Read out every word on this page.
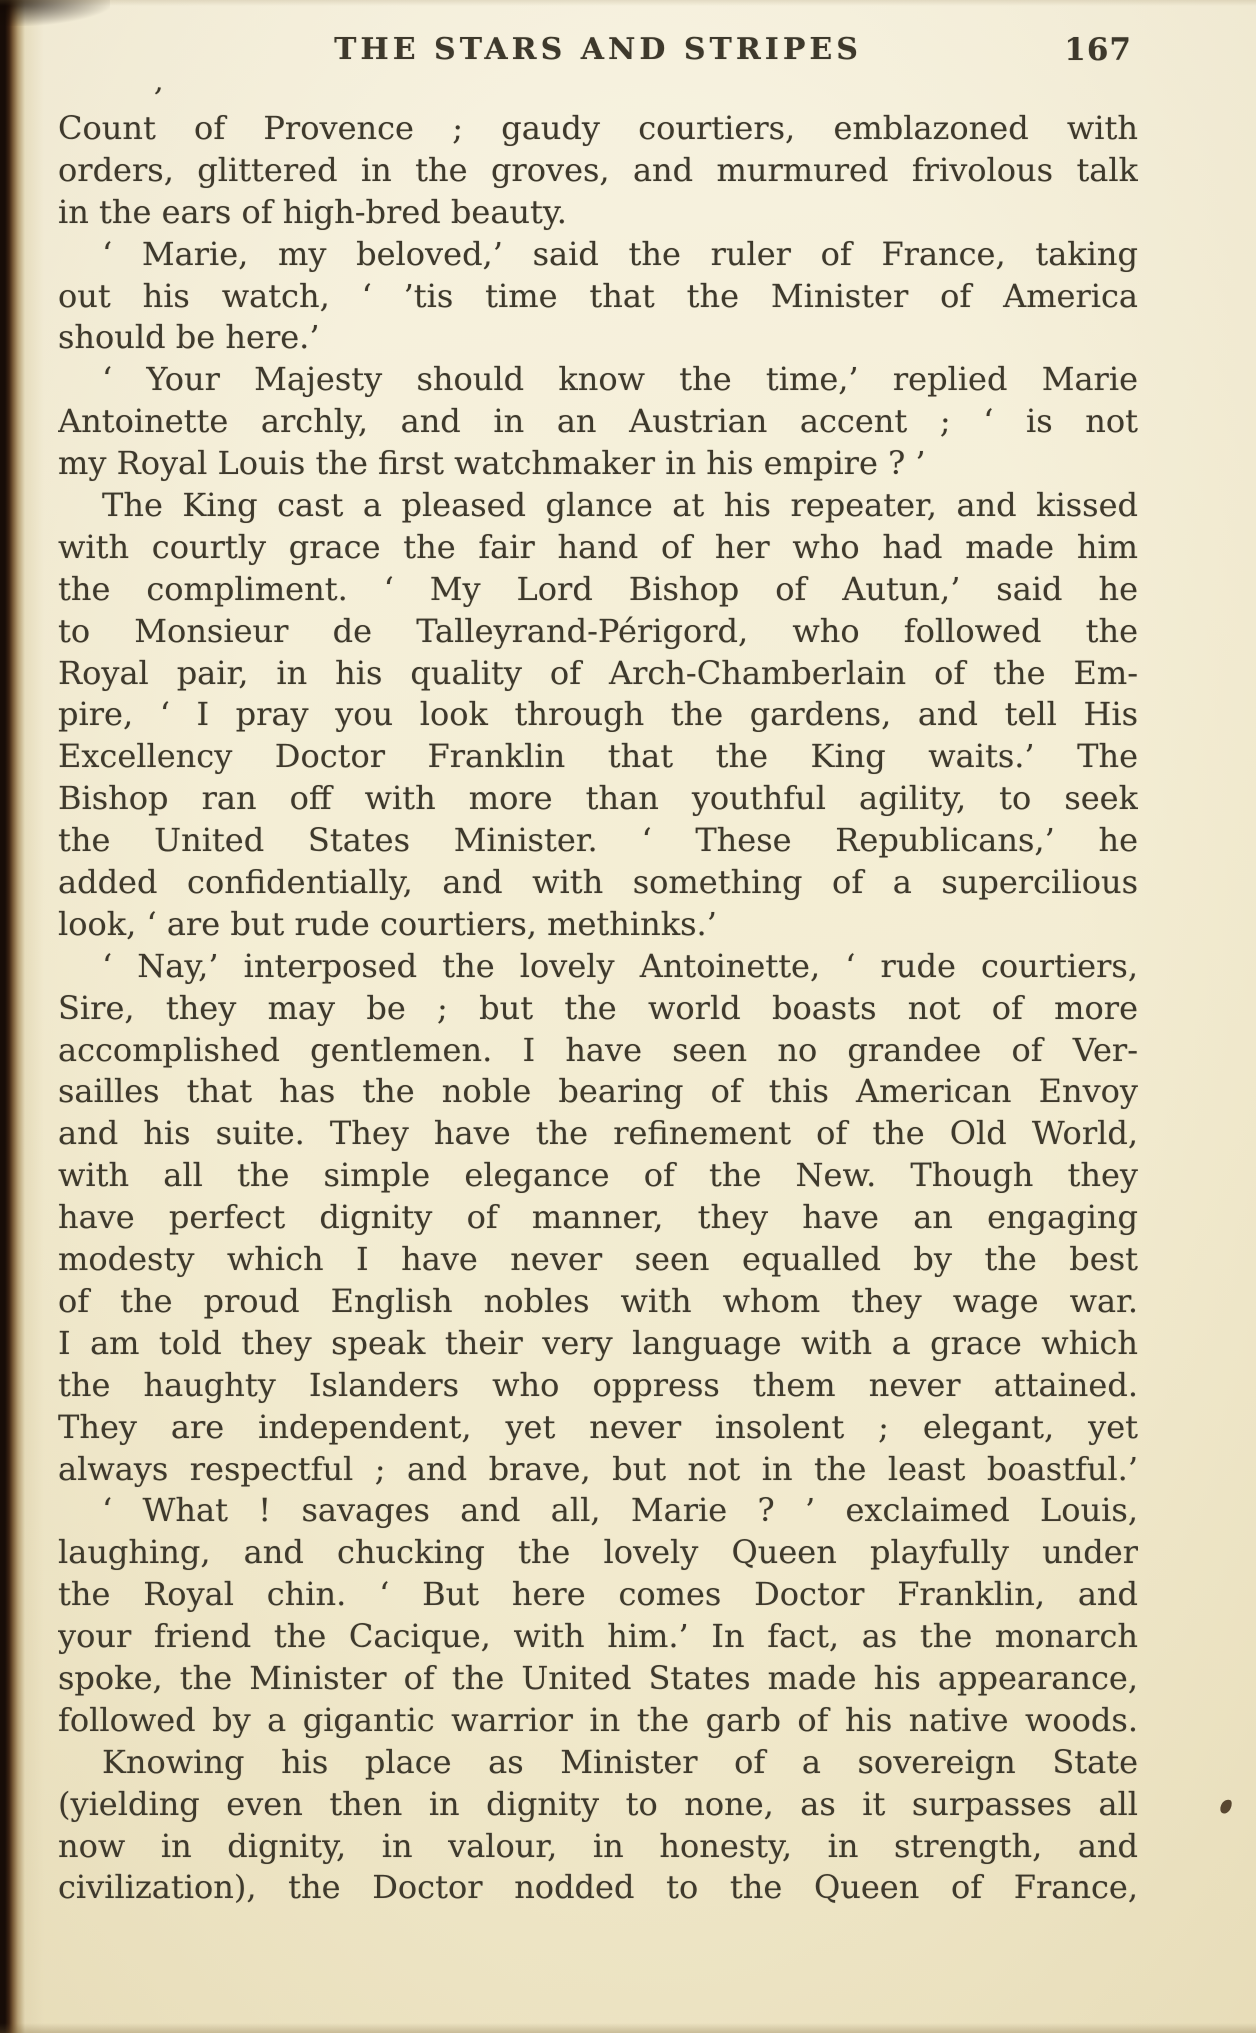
THE STARS AND STRIPES	167
’
Count of Provence ; gaudy courtiers, emblazoned with
orders, glittered in the groves, and murmured frivolous talk
in the ears of high-bred beauty.
‘ Marie, my beloved,’ said the ruler of France, taking
out his watch, ‘ ’tis time that the Minister of America
should be here.’
‘ Your Majesty should know the time,’ replied Marie
Antoinette archly, and in an Austrian accent ; ‘ is not
my Royal Louis the first watchmaker in his empire ? ’
The King cast a pleased glance at his repeater, and kissed
with courtly grace the fair hand of her who had made him
the compliment. ‘ My Lord Bishop of Autun,’ said he
to Monsieur de Talleyrand-Périgord, who followed the
Royal pair, in his quality of Arch-Chamberlain of the Em-
pire, ‘ I pray you look through the gardens, and tell His
Excellency Doctor Franklin that the King waits.’ The
Bishop ran off with more than youthful agility, to seek
the United States Minister. ‘ These Republicans,’ he
added confidentially, and with something of a supercilious
look, ‘ are but rude courtiers, methinks.’
‘ Nay,’ interposed the lovely Antoinette, ‘ rude courtiers,
Sire, they may be ; but the world boasts not of more
accomplished gentlemen. I have seen no grandee of Ver-
sailles that has the noble bearing of this American Envoy
and his suite. They have the refinement of the Old World,
with all the simple elegance of the New. Though they
have perfect dignity of manner, they have an engaging
modesty which I have never seen equalled by the best
of the proud English nobles with whom they wage war.
I am told they speak their very language with a grace which
the haughty Islanders who oppress them never attained.
They are independent, yet never insolent ; elegant, yet
always respectful ; and brave, but not in the least boastful.’
‘ What ! savages and all, Marie ? ’ exclaimed Louis,
laughing, and chucking the lovely Queen playfully under
the Royal chin. ‘ But here comes Doctor Franklin, and
your friend the Cacique, with him.’ In fact, as the monarch
spoke, the Minister of the United States made his appearance,
followed by a gigantic warrior in the garb of his native woods.
Knowing his place as Minister of a sovereign State
(yielding even then in dignity to none, as it surpasses all
now in dignity, in valour, in honesty, in strength, and
civilization), the Doctor nodded to the Queen of France,
